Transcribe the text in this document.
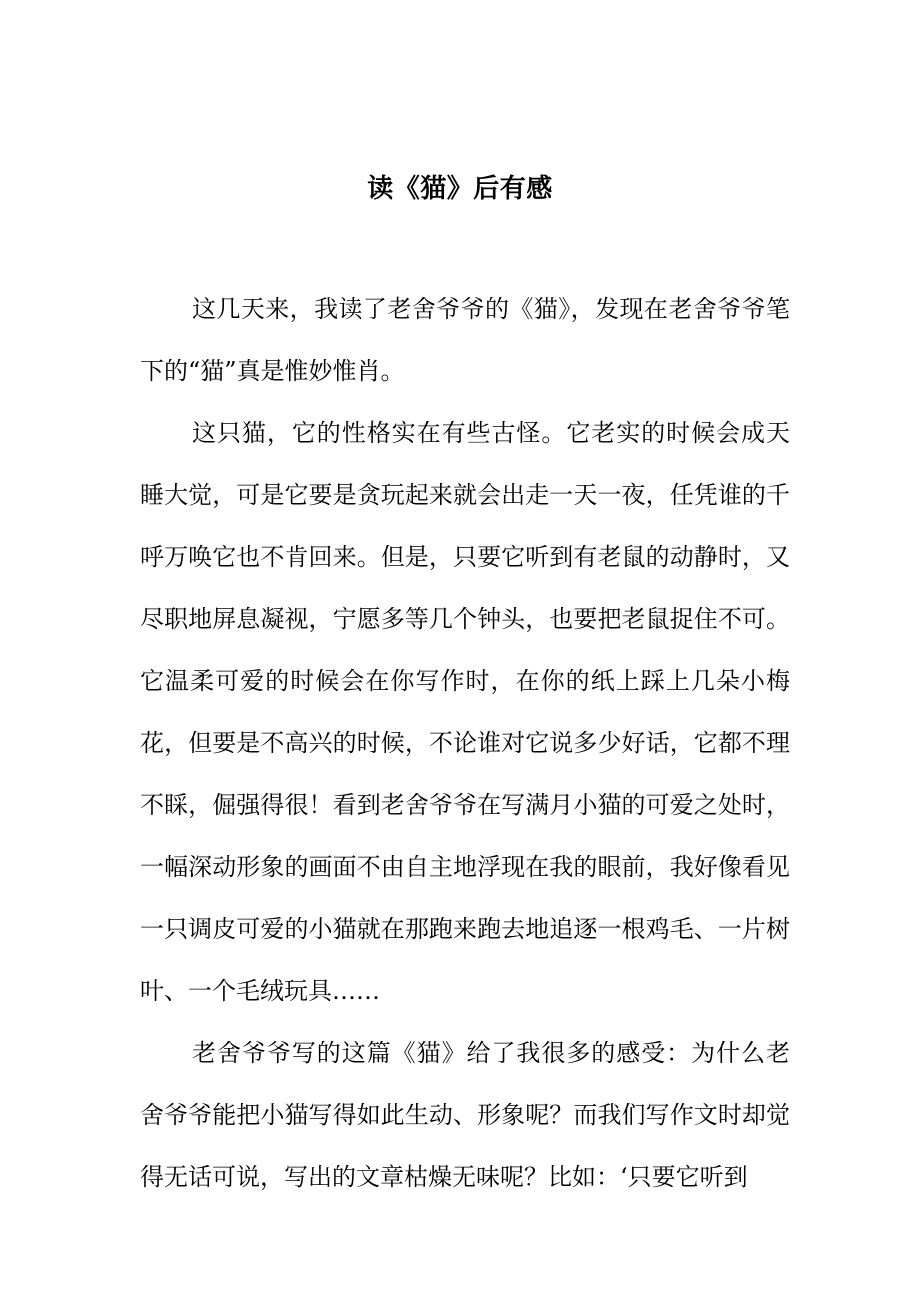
读《猫》后有感

这几天来，我读了老舍爷爷的《猫》，发现在老舍爷爷笔下的“猫”真是惟妙惟肖。

这只猫，它的性格实在有些古怪。它老实的时候会成天睡大觉，可是它要是贪玩起来就会出走一天一夜，任凭谁的千呼万唤它也不肯回来。但是，只要它听到有老鼠的动静时，又尽职地屏息凝视，宁愿多等几个钟头，也要把老鼠捉住不可。它温柔可爱的时候会在你写作时，在你的纸上踩上几朵小梅花，但要是不高兴的时候，不论谁对它说多少好话，它都不理不睬，倔强得很！看到老舍爷爷在写满月小猫的可爱之处时，一幅深动形象的画面不由自主地浮现在我的眼前，我好像看见一只调皮可爱的小猫就在那跑来跑去地追逐一根鸡毛、一片树叶、一个毛绒玩具……

老舍爷爷写的这篇《猫》给了我很多的感受：为什么老舍爷爷能把小猫写得如此生动、形象呢？而我们写作文时却觉得无话可说，写出的文章枯燥无味呢？比如：‘只要它听到
